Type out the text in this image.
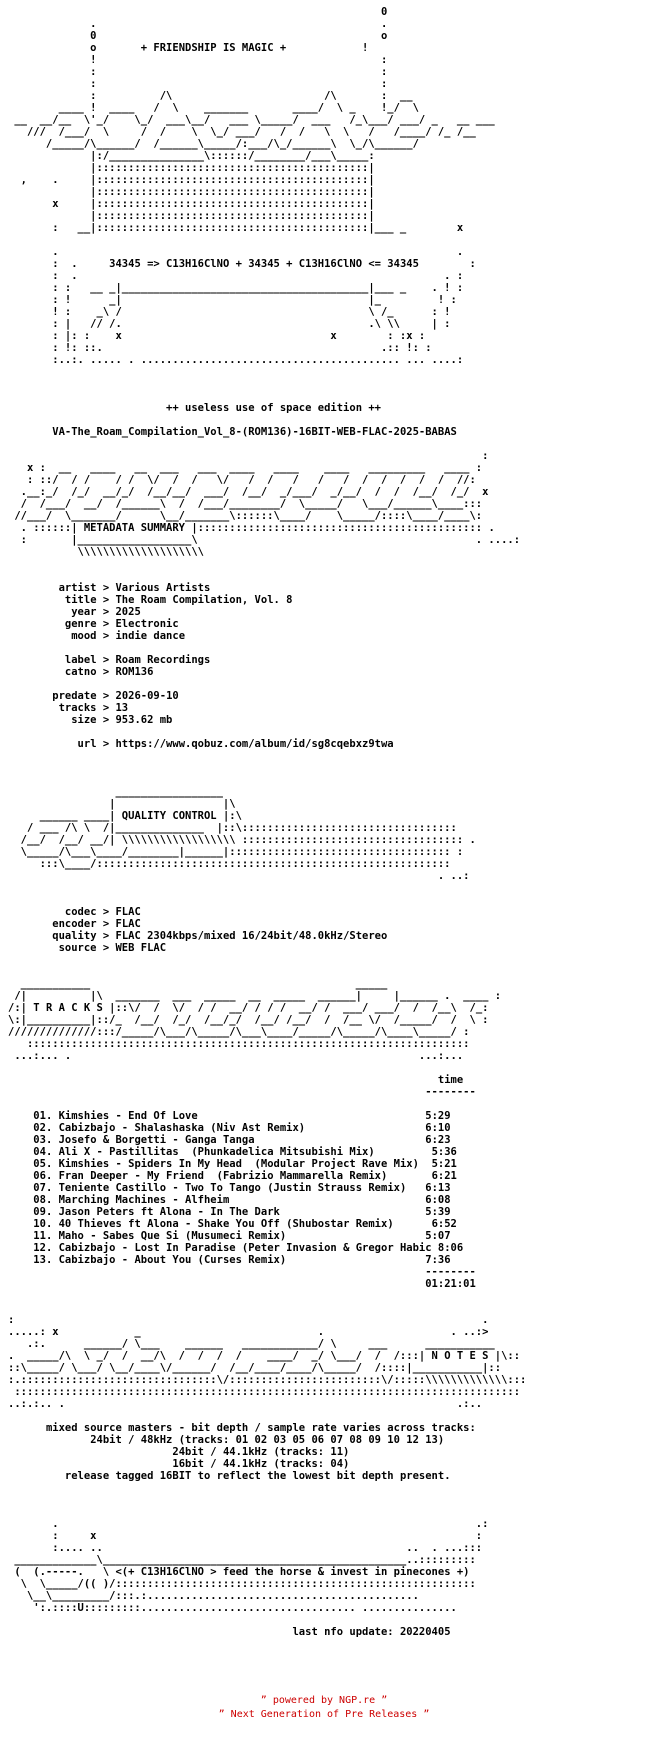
0
.                                             .
0                                             o
o       + FRIENDSHIP IS MAGIC +            !
!                                             :
:                                             :
:                                             :
:          /\                        /\       :  __
____ !  ____   /  \    _______       ____/  \ _    !_/  \
__  __/__  \'_/    \_/  ___\__/   ___ \_____/  ___   /_\___/ ___/ _   __ ___
///  /___/  \     /  /    \  \_/ ___/   /  /   \  \   /   /____/ /_ /__
/_____/\______/  /______\_____/:___/\_/______\  \_/\______/
|:/_______________\::::::/________/___\_____:
|:::::::::::::::::::::::::::::::::::::::::::|
,    .     |:::::::::::::::::::::::::::::::::::::::::::|
|:::::::::::::::::::::::::::::::::::::::::::|
x     |:::::::::::::::::::::::::::::::::::::::::::|
|:::::::::::::::::::::::::::::::::::::::::::|
:   __|:::::::::::::::::::::::::::::::::::::::::::|___ _        x
.                                                               .
:  .     34345 => C13H16ClNO + 34345 + C13H16ClNO <= 34345        :
:  .                                                          . :
: :   __ _|_______________________________________|___ _    . ! :
: !      _|                                       |_         ! :
! :    _\ /                                       \ /_      : !
: |   // /.                                       .\ \\     | :
: |: :    x                                 x        : :x :
: !: ::.                                            .:: !: :
:..:. ..... . ......................................... ... ....:
++ useless use of space edition ++
VA-The_Roam_Compilation_Vol_8-(ROM136)-16BIT-WEB-FLAC-2025-BABAS
:
x :  __   ____   __  ___   ___  ____   ____    ____   _________   ____ :
: ::/  / /    / /  \/  /  /   \/   /  /   /   /   /  /  /  /  /  /  //:
.__:_/  /_/  __/_/  /__/__/  ___/  /__/  _/___/  _/__/  /  /  /__/  /_/  x
/  /___/  __/  /______\  /  /___/________/  \_____/   \___/______\____:::
//___/  \_______/      \__/_______\::::::\____/    \_____/::::\____/____\:
. ::::::| METADATA SUMMARY |::::::::::::::::::::::::::::::::::::::::::::: .
:       |__________________\                                            . ....:
\\\\\\\\\\\\\\\\\\\\
artist > Various Artists
title > The Roam Compilation, Vol. 8
year > 2025
genre > Electronic
mood > indie dance
label > Roam Recordings
catno > ROM136
predate > 2026-09-10
tracks > 13
size > 953.62 mb
url > https://www.qobuz.com/album/id/sg8cqebxz9twa
_________________
|                 |\
______ ____| QUALITY CONTROL |:\
/ ___ /\ \  /|______________  |::\::::::::::::::::::::::::::::::::::
/__/  /__/ __/| \\\\\\\\\\\\\\\\\\ ::::::::::::::::::::::::::::::::::: .
\_____/\___\____/________|______|::::::::::::::::::::::::::::::::::: :
:::\____/::::::::::::::::::::::::::::::::::::::::::::::::::::::::
. ..:
codec > FLAC
encoder > FLAC
quality > FLAC 2304kbps/mixed 16/24bit/48.0kHz/Stereo
source > WEB FLAC
___________                                          _____
/|          |\  _______  ___  _____  __  _____  ______|     |______ .  ____ :
/:| T R A C K S |::\/  /  \/  / /  __/ / / /  __/ /  ___/ ___/  /  /__\  /_:
\:|__________|::/_  /__/  /_/  /__/_/  /__/ /__/  /  /__ \/  /_____/  /  \ :
//////////////:::/_____/\___/\_____/\___\____/_____/\_____/\____\_____/ :
::::::::::::::::::::::::::::::::::::::::::::::::::::::::::::::::::::::
...:... .                                                       ...:...
time
--------
01. Kimshies - End Of Love	5:29
02. Cabizbajo - Shalashaska (Niv Ast Remix)	6:10
03. Josefo & Borgetti - Ganga Tanga	6:23
04. Ali X - Pastillitas  (Phunkadelica Mitsubishi Mix)	5:36
05. Kimshies - Spiders In My Head  (Modular Project Rave Mix) 5:21
06. Fran Deeper - My Friend  (Fabrizio Mammarella Remix)	6:21
07. Teniente Castillo - Two To Tango (Justin Strauss Remix) 6:13
08. Marching Machines - Alfheim	6:08
09. Jason Peters ft Alona - In The Dark	5:39
10. 40 Thieves ft Alona - Shake You Off (Shubostar Remix)	6:52
11. Maho - Sabes Que Si (Musumeci Remix)	5:07
12. Cabizbajo - Lost In Paradise (Peter Invasion & Gregor Habic 8:06
13. Cabizbajo - About You (Curses Remix)	7:36
--------
01:21:01
:                                                                          .
.....: x            _                            .                    . ..:>
.:.      ______/ \___    ______   ____________/ \     ___      ___________
.  _____/\  \ _/  /  __/\  /  /  /  /    ____/  _/ \___/  /  /:::| N O T E S |\::
::\_____/ \___/ \__/____\/______/  /__/____/____/\_____/  /::::|___________|::
:.:::::::::::::::::::::::::::::::\/::::::::::::::::::::::::\/:::::\\\\\\\\\\\\\:::
::::::::::::::::::::::::::::::::::::::::::::::::::::::::::::::::::::::::::::::::
..:.:.. .                                                              .:..
mixed source masters - bit depth / sample rate varies across tracks:
24bit / 48kHz (tracks: 01 02 03 05 06 07 08 09 10 12 13)
24bit / 44.1kHz (tracks: 11)
16bit / 44.1kHz (tracks: 04)
release tagged 16BIT to reflect the lowest bit depth present.
.                                                                  .:
:     x                                                            :
:.... ..                                                ..  . ...:::
_____________\________________________________________________..:::::::::
(  (.-----.   \ <(+ C13H16ClNO > feed the horse & invest in pinecones +)
\  \_____/(( )/:::::::::::::::::::::::::::::::::::::::::::::::::::::::::
\__\_________/:::.:...........................................
':.::::U:::::::::.................................. ...............
last nfo update: 20220405
” powered by NGP.re ”
” Next Generation of Pre Releases ”
